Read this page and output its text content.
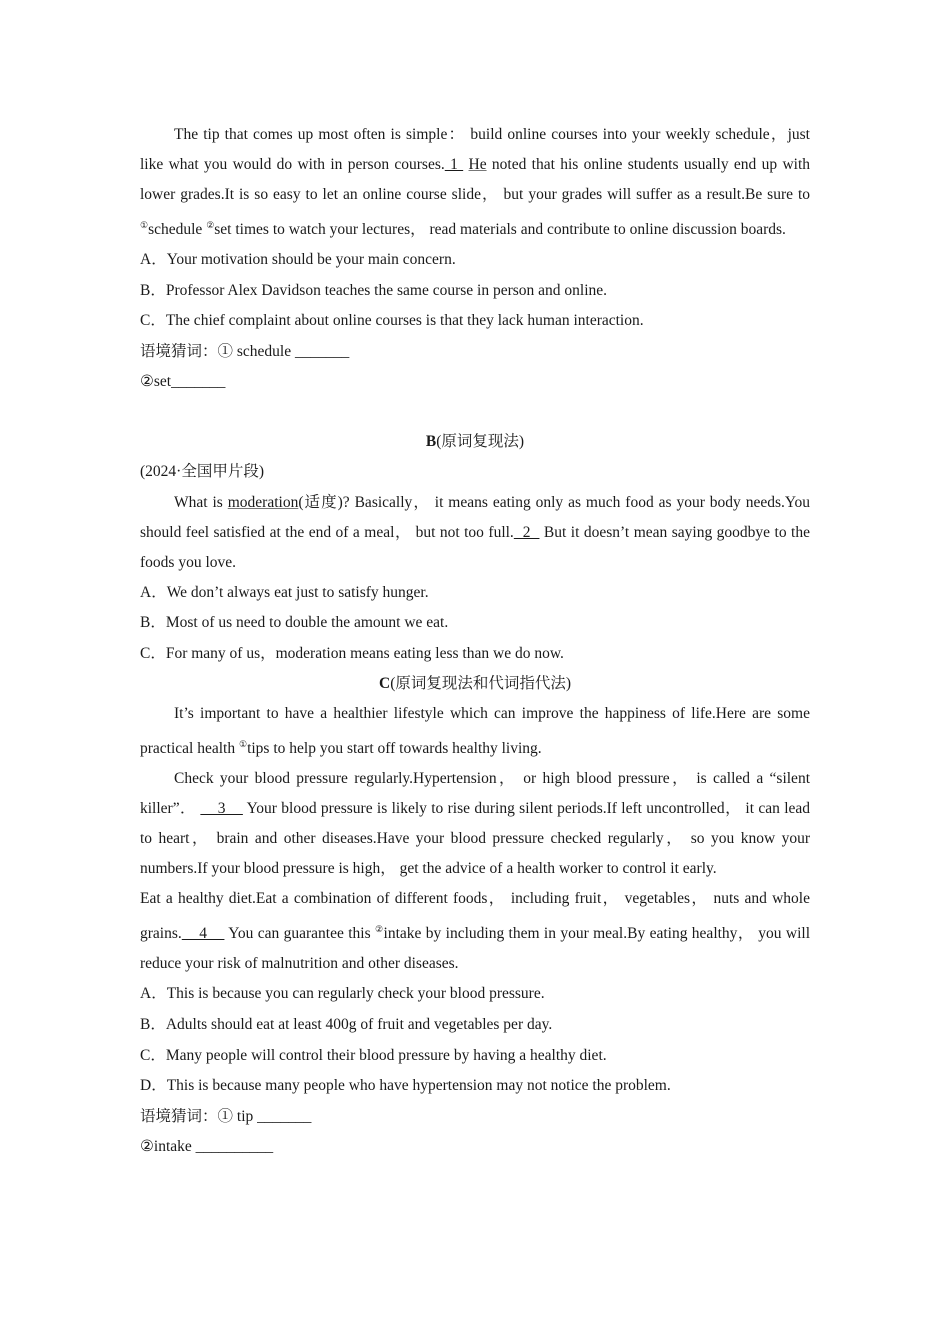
The tip that comes up most often is simple： build online courses into your weekly schedule，just like what you would do with in person courses. 1  He noted that his online students usually end up with lower grades.It is so easy to let an online course slide， but your grades will suffer as a result.Be sure to ①schedule ②set times to watch your lectures， read materials and contribute to online discussion boards.

A．Your motivation should be your main concern.

B．Professor Alex Davidson teaches the same course in person and online.

C．The chief complaint about online courses is that they lack human interaction.

语境猜词：① schedule _______

②set_______

B(原词复现法)

(2024·全国甲片段)

What is moderation(适度)? Basically， it means eating only as much food as your body needs.You should feel satisfied at the end of a meal， but not too full.  2   But it doesn’t mean saying goodbye to the foods you love.

A．We don’t always eat just to satisfy hunger.

B．Most of us need to double the amount we eat.

C．For many of us，moderation means eating less than we do now.

C(原词复现法和代词指代法)

It’s important to have a healthier lifestyle which can improve the happiness of life.Here are some practical health ①tips to help you start off towards healthy living.

Check your blood pressure regularly.Hypertension， or high blood pressure， is called a “silent killer”．     3     Your blood pressure is likely to rise during silent periods.If left uncontrolled， it can lead to heart， brain and other diseases.Have your blood pressure checked regularly， so you know your numbers.If your blood pressure is high， get the advice of a health worker to control it early.

Eat a healthy diet.Eat a combination of different foods， including fruit， vegetables， nuts and whole grains.    4     You can guarantee this ②intake by including them in your meal.By eating healthy， you will reduce your risk of malnutrition and other diseases.

A．This is because you can regularly check your blood pressure.

B．Adults should eat at least 400g of fruit and vegetables per day.

C．Many people will control their blood pressure by having a healthy diet.

D．This is because many people who have hypertension may not notice the problem.

语境猜词：① tip _______

②intake __________
